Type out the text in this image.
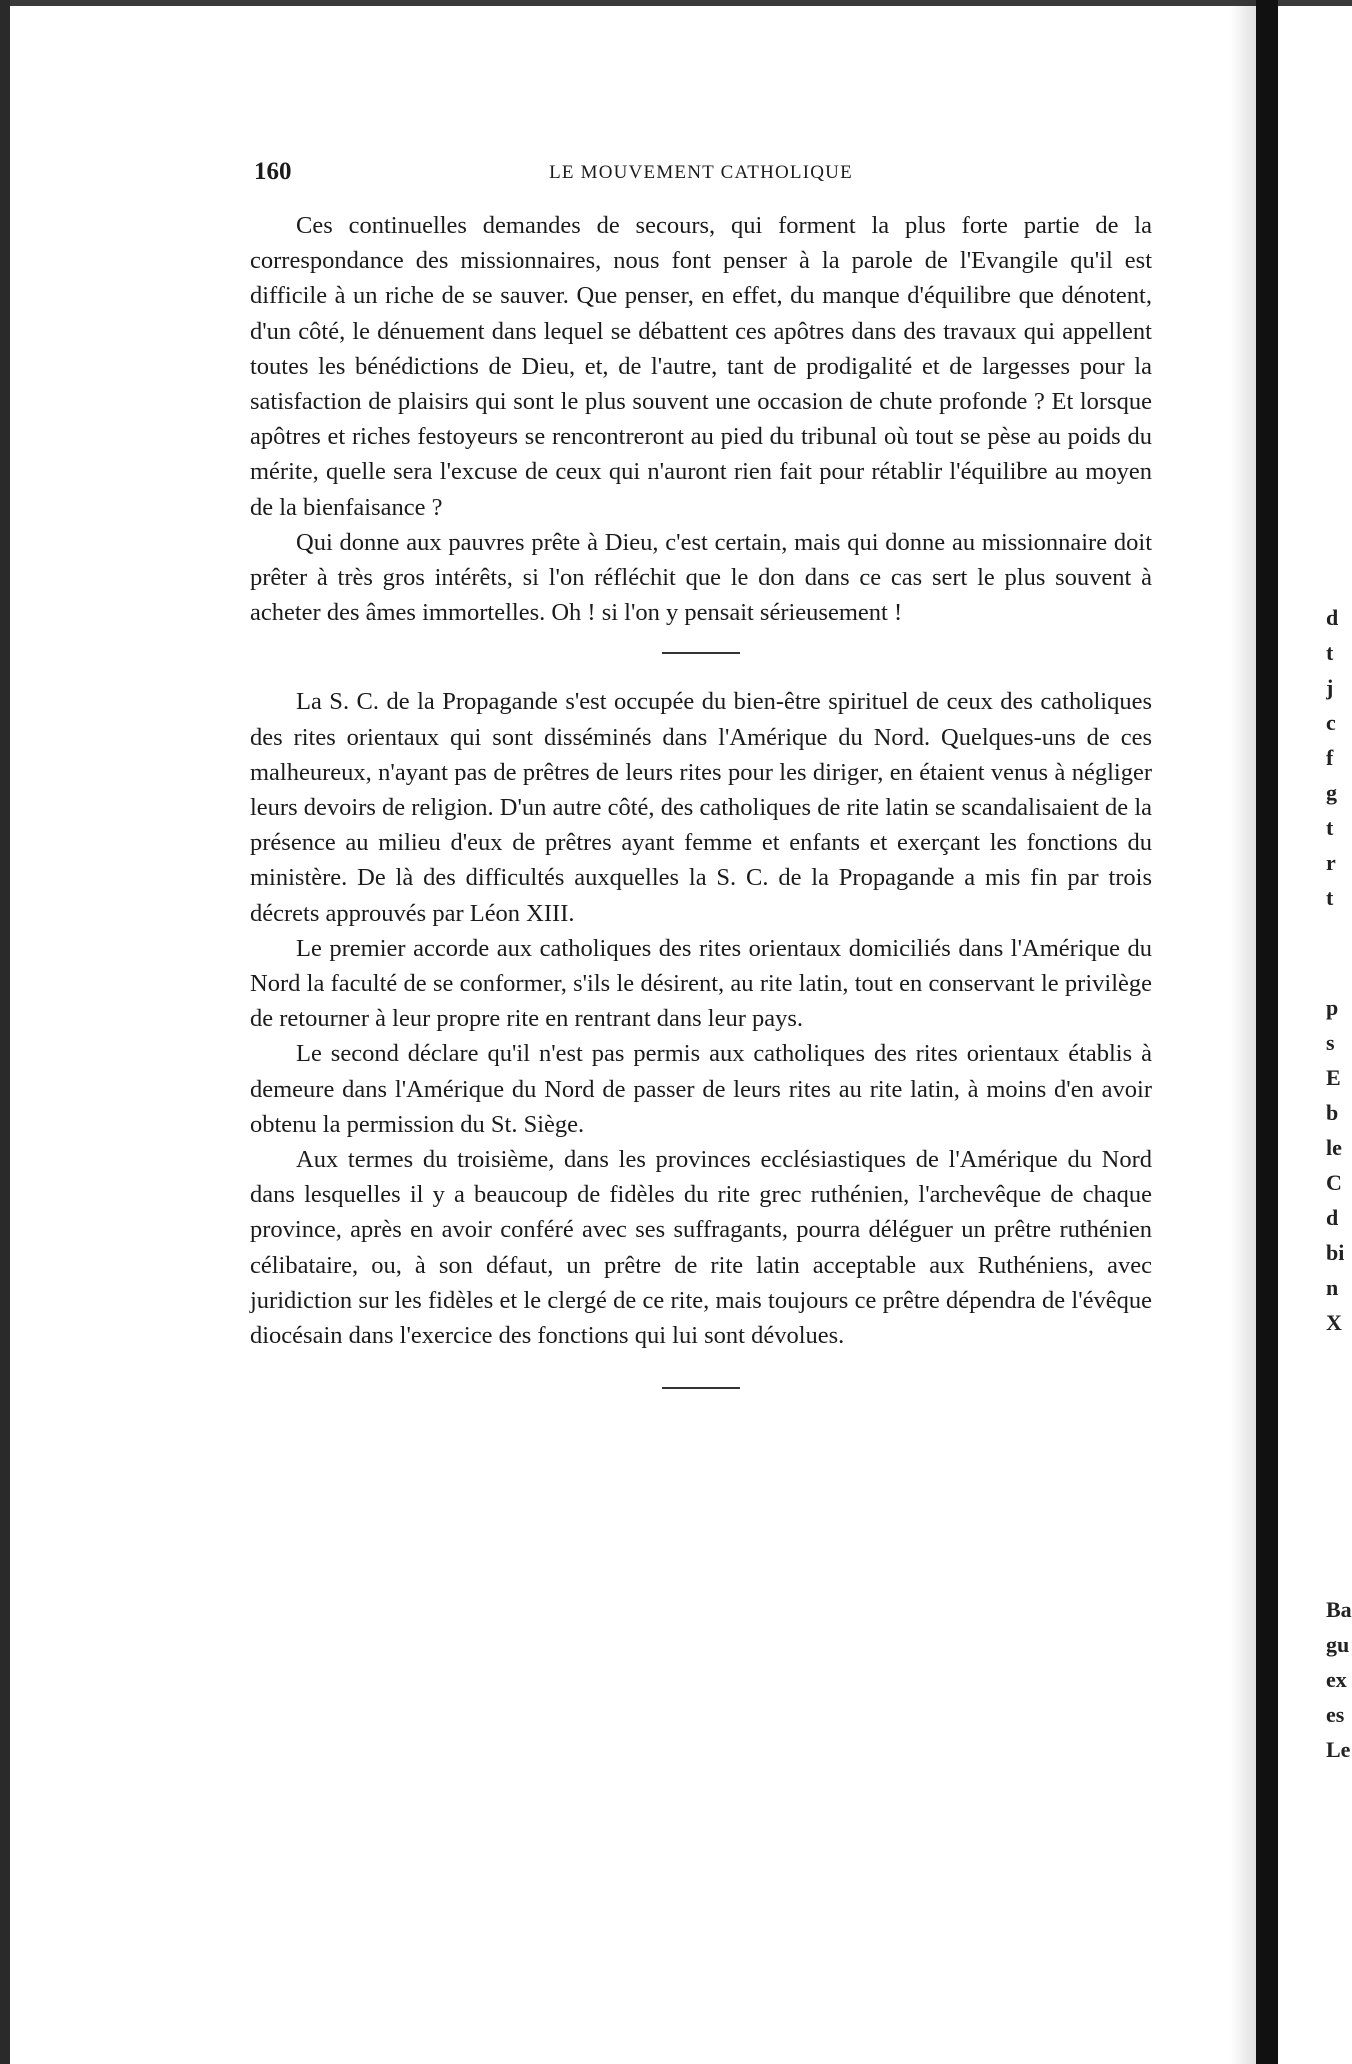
160	LE MOUVEMENT CATHOLIQUE

Ces continuelles demandes de secours, qui forment la plus forte partie de la correspondance des missionnaires, nous font penser à la parole de l'Evangile qu'il est difficile à un riche de se sauver. Que penser, en effet, du manque d'équilibre que dénotent, d'un côté, le dénuement dans lequel se débattent ces apôtres dans des travaux qui appellent toutes les bénédictions de Dieu, et, de l'autre, tant de prodigalité et de largesses pour la satisfaction de plaisirs qui sont le plus souvent une occasion de chute profonde ? Et lorsque apôtres et riches festoyeurs se rencontreront au pied du tribunal où tout se pèse au poids du mérite, quelle sera l'excuse de ceux qui n'auront rien fait pour rétablir l'équilibre au moyen de la bienfaisance ?

Qui donne aux pauvres prête à Dieu, c'est certain, mais qui donne au missionnaire doit prêter à très gros intérêts, si l'on réfléchit que le don dans ce cas sert le plus souvent à acheter des âmes immortelles. Oh ! si l'on y pensait sérieusement !

La S. C. de la Propagande s'est occupée du bien-être spirituel de ceux des catholiques des rites orientaux qui sont disséminés dans l'Amérique du Nord. Quelques-uns de ces malheureux, n'ayant pas de prêtres de leurs rites pour les diriger, en étaient venus à négliger leurs devoirs de religion. D'un autre côté, des catholiques de rite latin se scandalisaient de la présence au milieu d'eux de prêtres ayant femme et enfants et exerçant les fonctions du ministère. De là des difficultés auxquelles la S. C. de la Propagande a mis fin par trois décrets approuvés par Léon XIII.

Le premier accorde aux catholiques des rites orientaux domiciliés dans l'Amérique du Nord la faculté de se conformer, s'ils le désirent, au rite latin, tout en conservant le privilège de retourner à leur propre rite en rentrant dans leur pays.

Le second déclare qu'il n'est pas permis aux catholiques des rites orientaux établis à demeure dans l'Amérique du Nord de passer de leurs rites au rite latin, à moins d'en avoir obtenu la permission du St. Siège.

Aux termes du troisième, dans les provinces ecclésiastiques de l'Amérique du Nord dans lesquelles il y a beaucoup de fidèles du rite grec ruthénien, l'archevêque de chaque province, après en avoir conféré avec ses suffragants, pourra déléguer un prêtre ruthénien célibataire, ou, à son défaut, un prêtre de rite latin acceptable aux Ruthéniens, avec juridiction sur les fidèles et le clergé de ce rite, mais toujours ce prêtre dépendra de l'évêque diocésain dans l'exercice des fonctions qui lui sont dévolues.

d
t
j
c
f
g
t
r
t
p
s
E
b
le
C
d
bi
n
X
Ba
gu
ex
es
Le
